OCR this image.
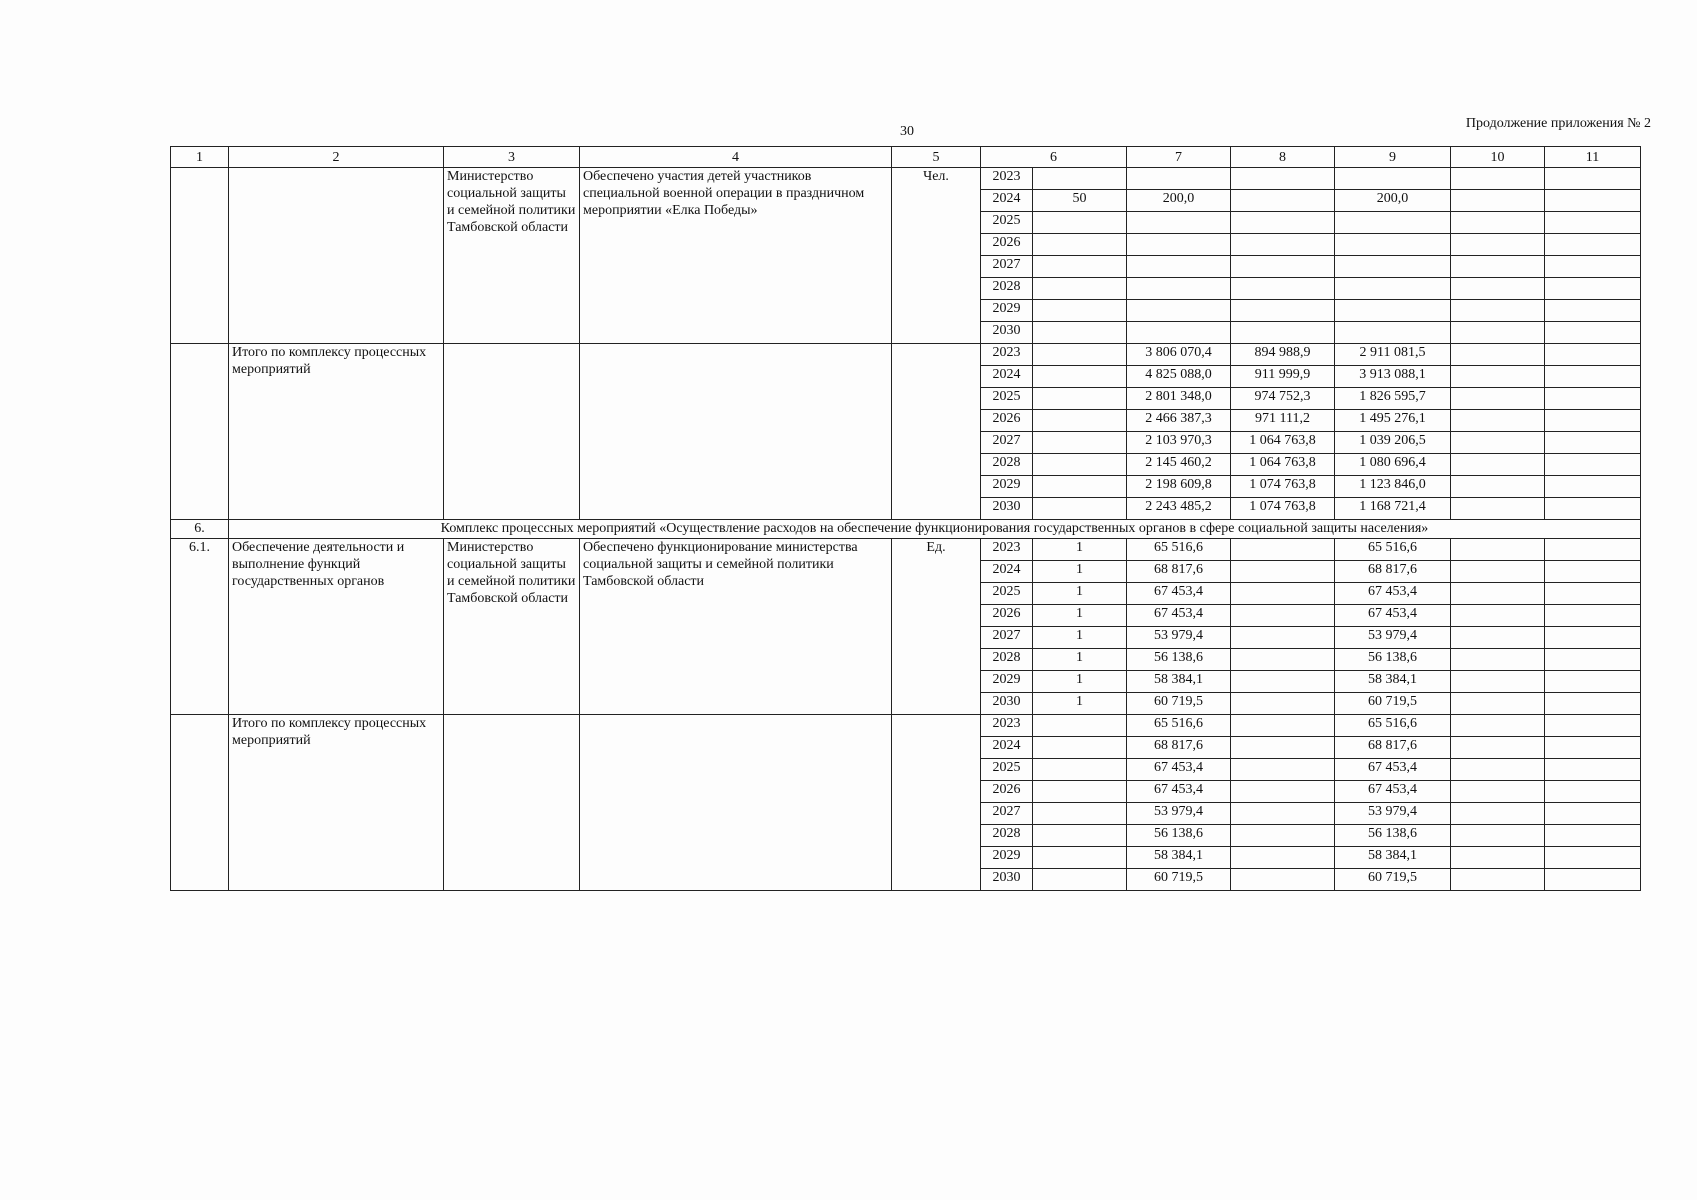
30
Продолжение приложения № 2
1	2	3	4	5	6		7	8	9	10	11
		Министерство социальной защиты и семейной политики Тамбовской области	Обеспечено участия детей участников специальной военной операции в праздничном мероприятии «Елка Победы»	Чел.	2023						
					2024	50	200,0		200,0		
					2025						
					2026						
					2027						
					2028						
					2029						
					2030						
	Итого по комплексу процессных мероприятий				2023		3 806 070,4	894 988,9	2 911 081,5		
					2024		4 825 088,0	911 999,9	3 913 088,1		
					2025		2 801 348,0	974 752,3	1 826 595,7		
					2026		2 466 387,3	971 111,2	1 495 276,1		
					2027		2 103 970,3	1 064 763,8	1 039 206,5		
					2028		2 145 460,2	1 064 763,8	1 080 696,4		
					2029		2 198 609,8	1 074 763,8	1 123 846,0		
					2030		2 243 485,2	1 074 763,8	1 168 721,4		
6.	Комплекс процессных мероприятий «Осуществление расходов на обеспечение функционирования государственных органов в сфере социальной защиты населения»										
6.1.	Обеспечение деятельности и выполнение функций государственных органов	Министерство социальной защиты и семейной политики Тамбовской области	Обеспечено функционирование министерства социальной защиты и семейной политики Тамбовской области	Ед.	2023	1	65 516,6		65 516,6		
					2024	1	68 817,6		68 817,6		
					2025	1	67 453,4		67 453,4		
					2026	1	67 453,4		67 453,4		
					2027	1	53 979,4		53 979,4		
					2028	1	56 138,6		56 138,6		
					2029	1	58 384,1		58 384,1		
					2030	1	60 719,5		60 719,5		
	Итого по комплексу процессных мероприятий				2023		65 516,6		65 516,6		
					2024		68 817,6		68 817,6		
					2025		67 453,4		67 453,4		
					2026		67 453,4		67 453,4		
					2027		53 979,4		53 979,4		
					2028		56 138,6		56 138,6		
					2029		58 384,1		58 384,1		
					2030		60 719,5		60 719,5		
